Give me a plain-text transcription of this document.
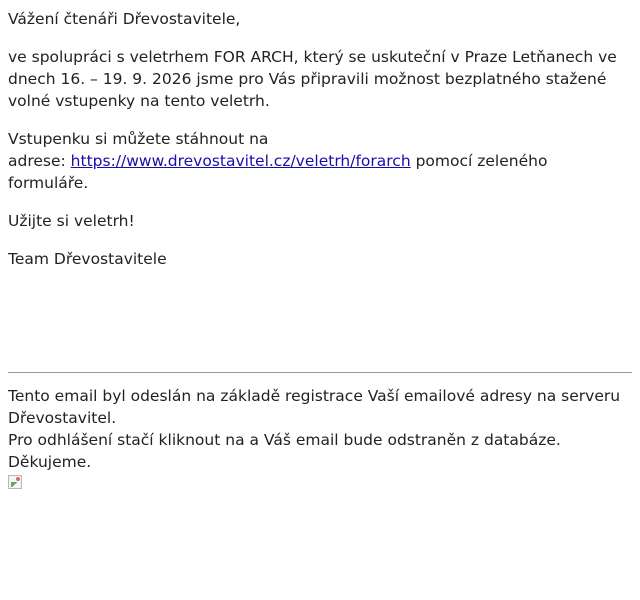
Vážení čtenáři Dřevostavitele,

ve spolupráci s veletrhem FOR ARCH, který se uskuteční v Praze Letňanech ve dnech 16. – 19. 9. 2026 jsme pro Vás připravili možnost bezplatného stažené volné vstupenky na tento veletrh.

Vstupenku si můžete stáhnout na
adrese: https://www.drevostavitel.cz/veletrh/forarch pomocí zeleného formuláře.

Užijte si veletrh!

Team Dřevostavitele

Tento email byl odeslán na základě registrace Vaší emailové adresy na serveru Dřevostavitel.

Pro odhlášení stačí kliknout na a Váš email bude odstraněn z databáze. Děkujeme.
